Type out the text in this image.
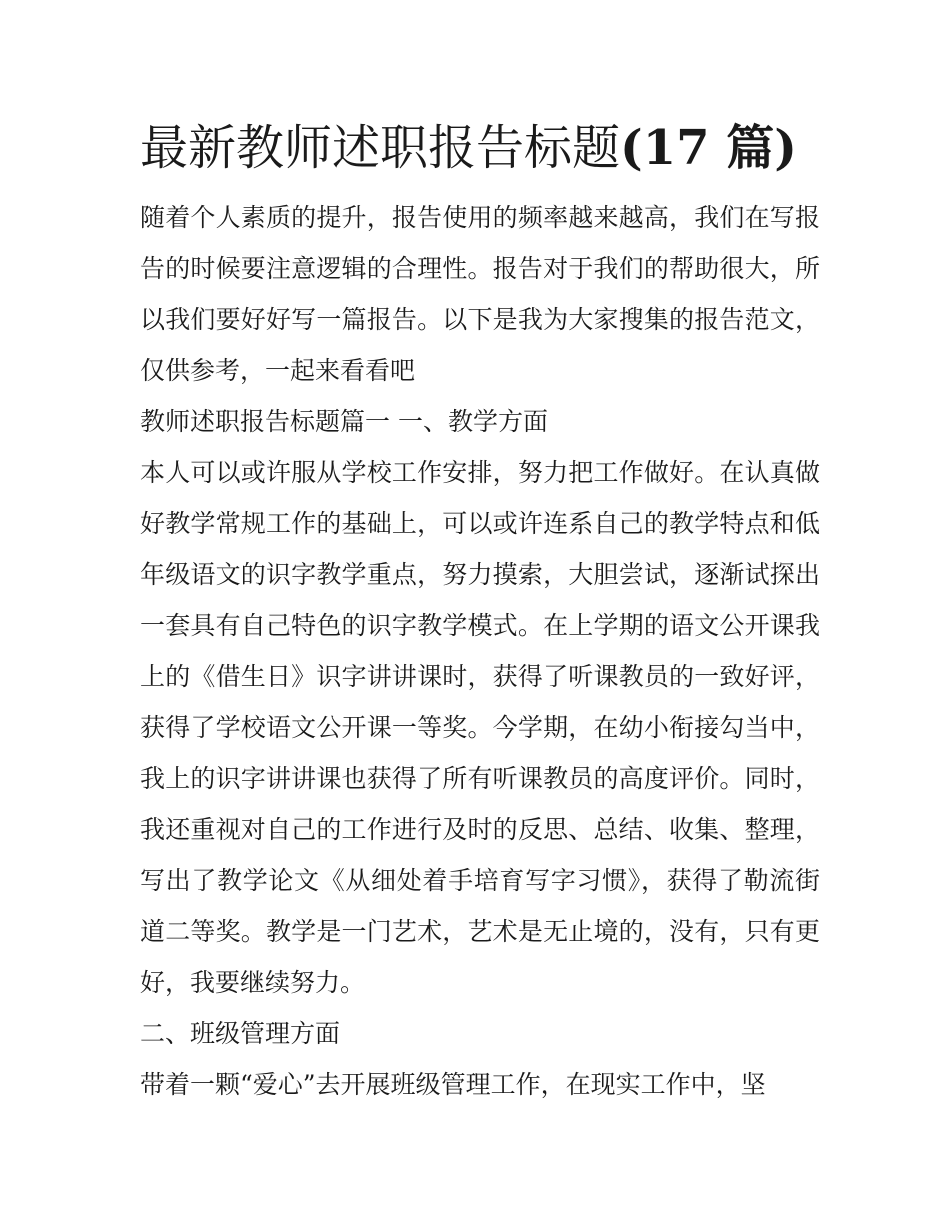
最新教师述职报告标题(17 篇)

随着个人素质的提升，报告使用的频率越来越高，我们在写报告的时候要注意逻辑的合理性。报告对于我们的帮助很大，所以我们要好好写一篇报告。以下是我为大家搜集的报告范文，仅供参考，一起来看看吧

教师述职报告标题篇一 一、教学方面

本人可以或许服从学校工作安排，努力把工作做好。在认真做好教学常规工作的基础上，可以或许连系自己的教学特点和低年级语文的识字教学重点，努力摸索，大胆尝试，逐渐试探出一套具有自己特色的识字教学模式。在上学期的语文公开课我上的《借生日》识字讲讲课时，获得了听课教员的一致好评，获得了学校语文公开课一等奖。今学期，在幼小衔接勾当中，我上的识字讲讲课也获得了所有听课教员的高度评价。同时，我还重视对自己的工作进行及时的反思、总结、收集、整理，写出了教学论文《从细处着手培育写字习惯》，获得了勒流街道二等奖。教学是一门艺术，艺术是无止境的，没有，只有更好，我要继续努力。

二、班级管理方面

带着一颗“爱心”去开展班级管理工作，在现实工作中，坚
